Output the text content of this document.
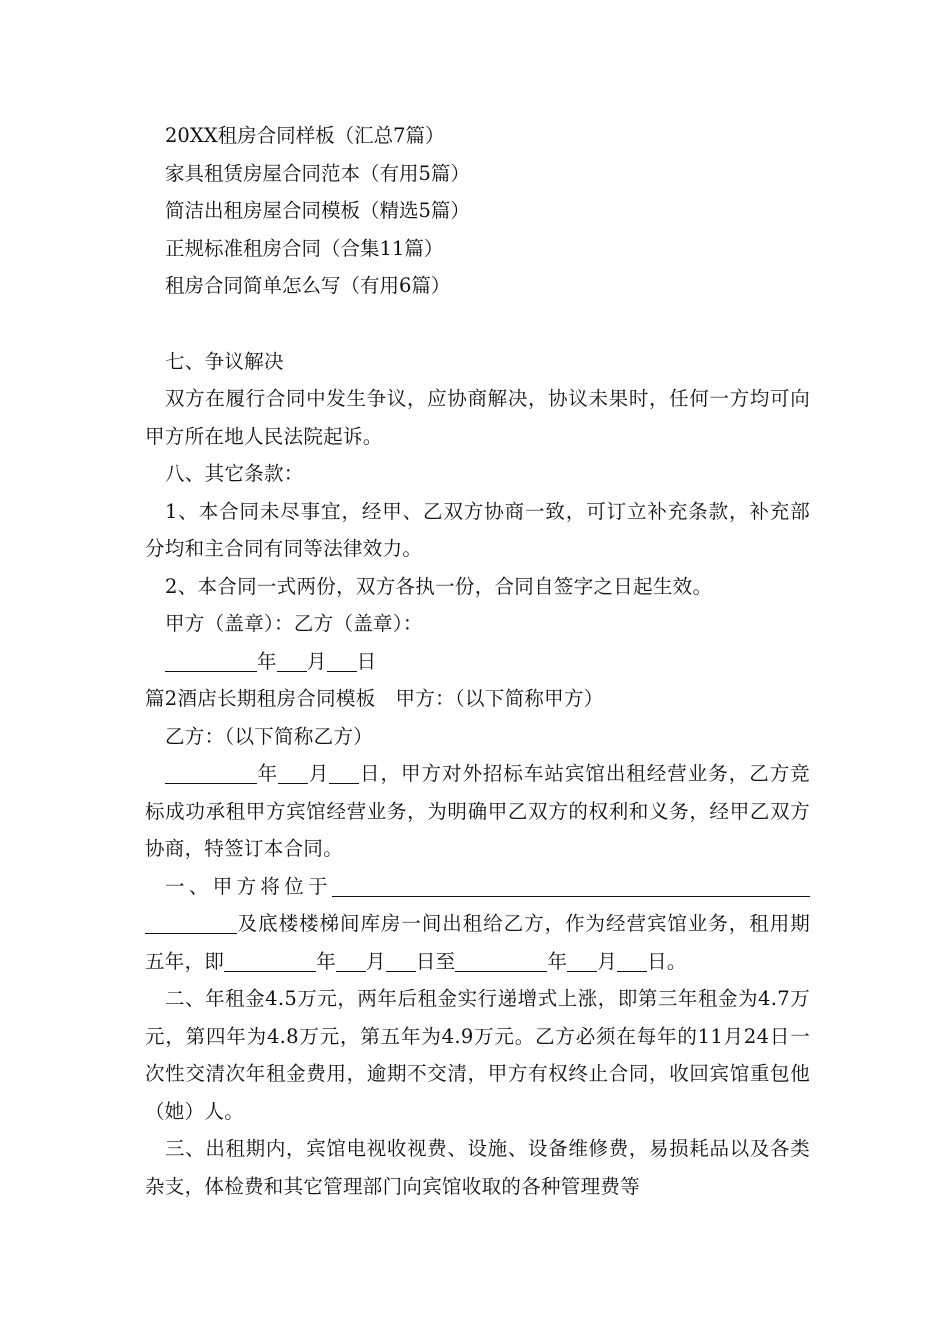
20XX租房合同样板（汇总7篇）

家具租赁房屋合同范本（有用5篇）

简洁出租房屋合同模板（精选5篇）

正规标准租房合同（合集11篇）

租房合同简单怎么写（有用6篇）

七、争议解决

双方在履行合同中发生争议，应协商解决，协议未果时，任何一方均可向甲方所在地人民法院起诉。

八、其它条款：

1、本合同未尽事宜，经甲、乙双方协商一致，可订立补充条款，补充部分均和主合同有同等法律效力。

2、本合同一式两份，双方各执一份，合同自签字之日起生效。

甲方（盖章）：乙方（盖章）：

年 月 日

篇2酒店长期租房合同模板 甲方：（以下简称甲方）

乙方：（以下简称乙方）

年 月 日，甲方对外招标车站宾馆出租经营业务，乙方竞标成功承租甲方宾馆经营业务，为明确甲乙双方的权利和义务，经甲乙双方协商，特签订本合同。

一、甲方将位于及底楼楼梯间库房一间出租给乙方，作为经营宾馆业务，租用期五年，即	年 月 日至	年 月 日。

二、年租金4.5万元，两年后租金实行递增式上涨，即第三年租金为4.7万元，第四年为4.8万元，第五年为4.9万元。乙方必须在每年的11月24日一次性交清次年租金费用，逾期不交清，甲方有权终止合同，收回宾馆重包他（她）人。

三、出租期内，宾馆电视收视费、设施、设备维修费，易损耗品以及各类杂支，体检费和其它管理部门向宾馆收取的各种管理费等
